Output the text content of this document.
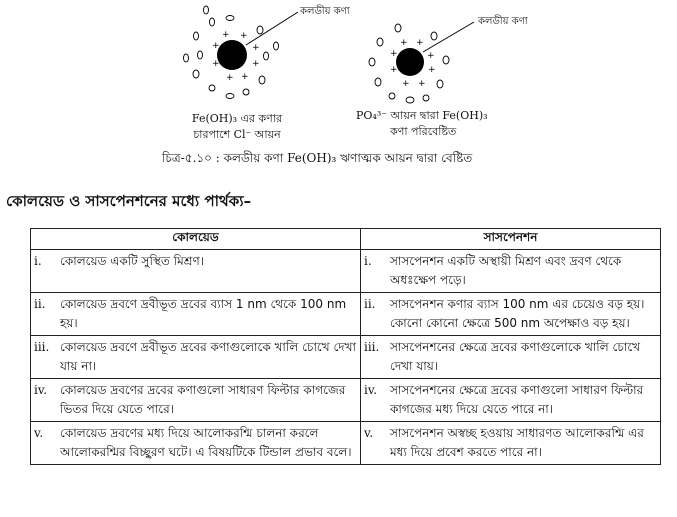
+ +
+	+
+	+
+ +
+ +
+	+
+	+
+ +
কলডীয় কণা
কলডীয় কণা
Fe(OH)₃ এর কণার
চারপাশে Cl⁻ আয়ন
PO₄³⁻ আয়ন দ্বারা Fe(OH)₃
কণা পরিবেষ্টিত
চিত্র-৫.১০ : কলডীয় কণা Fe(OH)₃ ঋণাত্মক আয়ন দ্বারা বেষ্টিত
কোলয়েড ও সাসপেনশনের মধ্যে পার্থক্য–
কোলয়েড	সাসপেনশন

i. কোলয়েড একটি সুস্থিত মিশ্রণ।	i. সাসপেনশন একটি অস্থায়ী মিশ্রণ এবং দ্রবণ থেকে অধঃক্ষেপ পড়ে।

ii. কোলয়েড দ্রবণে দ্রবীভূত দ্রবের ব্যাস 1 nm থেকে 100 nm হয়।	ii. সাসপেনশন কণার ব্যাস 100 nm এর চেয়েও বড় হয়। কোনো কোনো ক্ষেত্রে 500 nm অপেক্ষাও বড় হয়।

iii. কোলয়েড দ্রবণে দ্রবীভূত দ্রবের কণাগুলোকে খালি চোখে দেখা যায় না।	iii. সাসপেনশনের ক্ষেত্রে দ্রবের কণাগুলোকে খালি চোখে দেখা যায়।

iv. কোলয়েড দ্রবণের দ্রবের কণাগুলো সাধারণ ফিল্টার কাগজের ভিতর দিয়ে যেতে পারে।	iv. সাসপেনশনের ক্ষেত্রে দ্রবের কণাগুলো সাধারণ ফিল্টার কাগজের মধ্য দিয়ে যেতে পারে না।

v. কোলয়েড দ্রবণের মধ্য দিয়ে আলোকরশ্মি চালনা করলে আলোকরশ্মির বিচ্ছুরণ ঘটে। এ বিষয়টিকে টিন্ডাল প্রভাব বলে।	v. সাসপেনশন অস্বচ্ছ হওয়ায় সাধারণত আলোকরশ্মি এর মধ্য দিয়ে প্রবেশ করতে পারে না।
